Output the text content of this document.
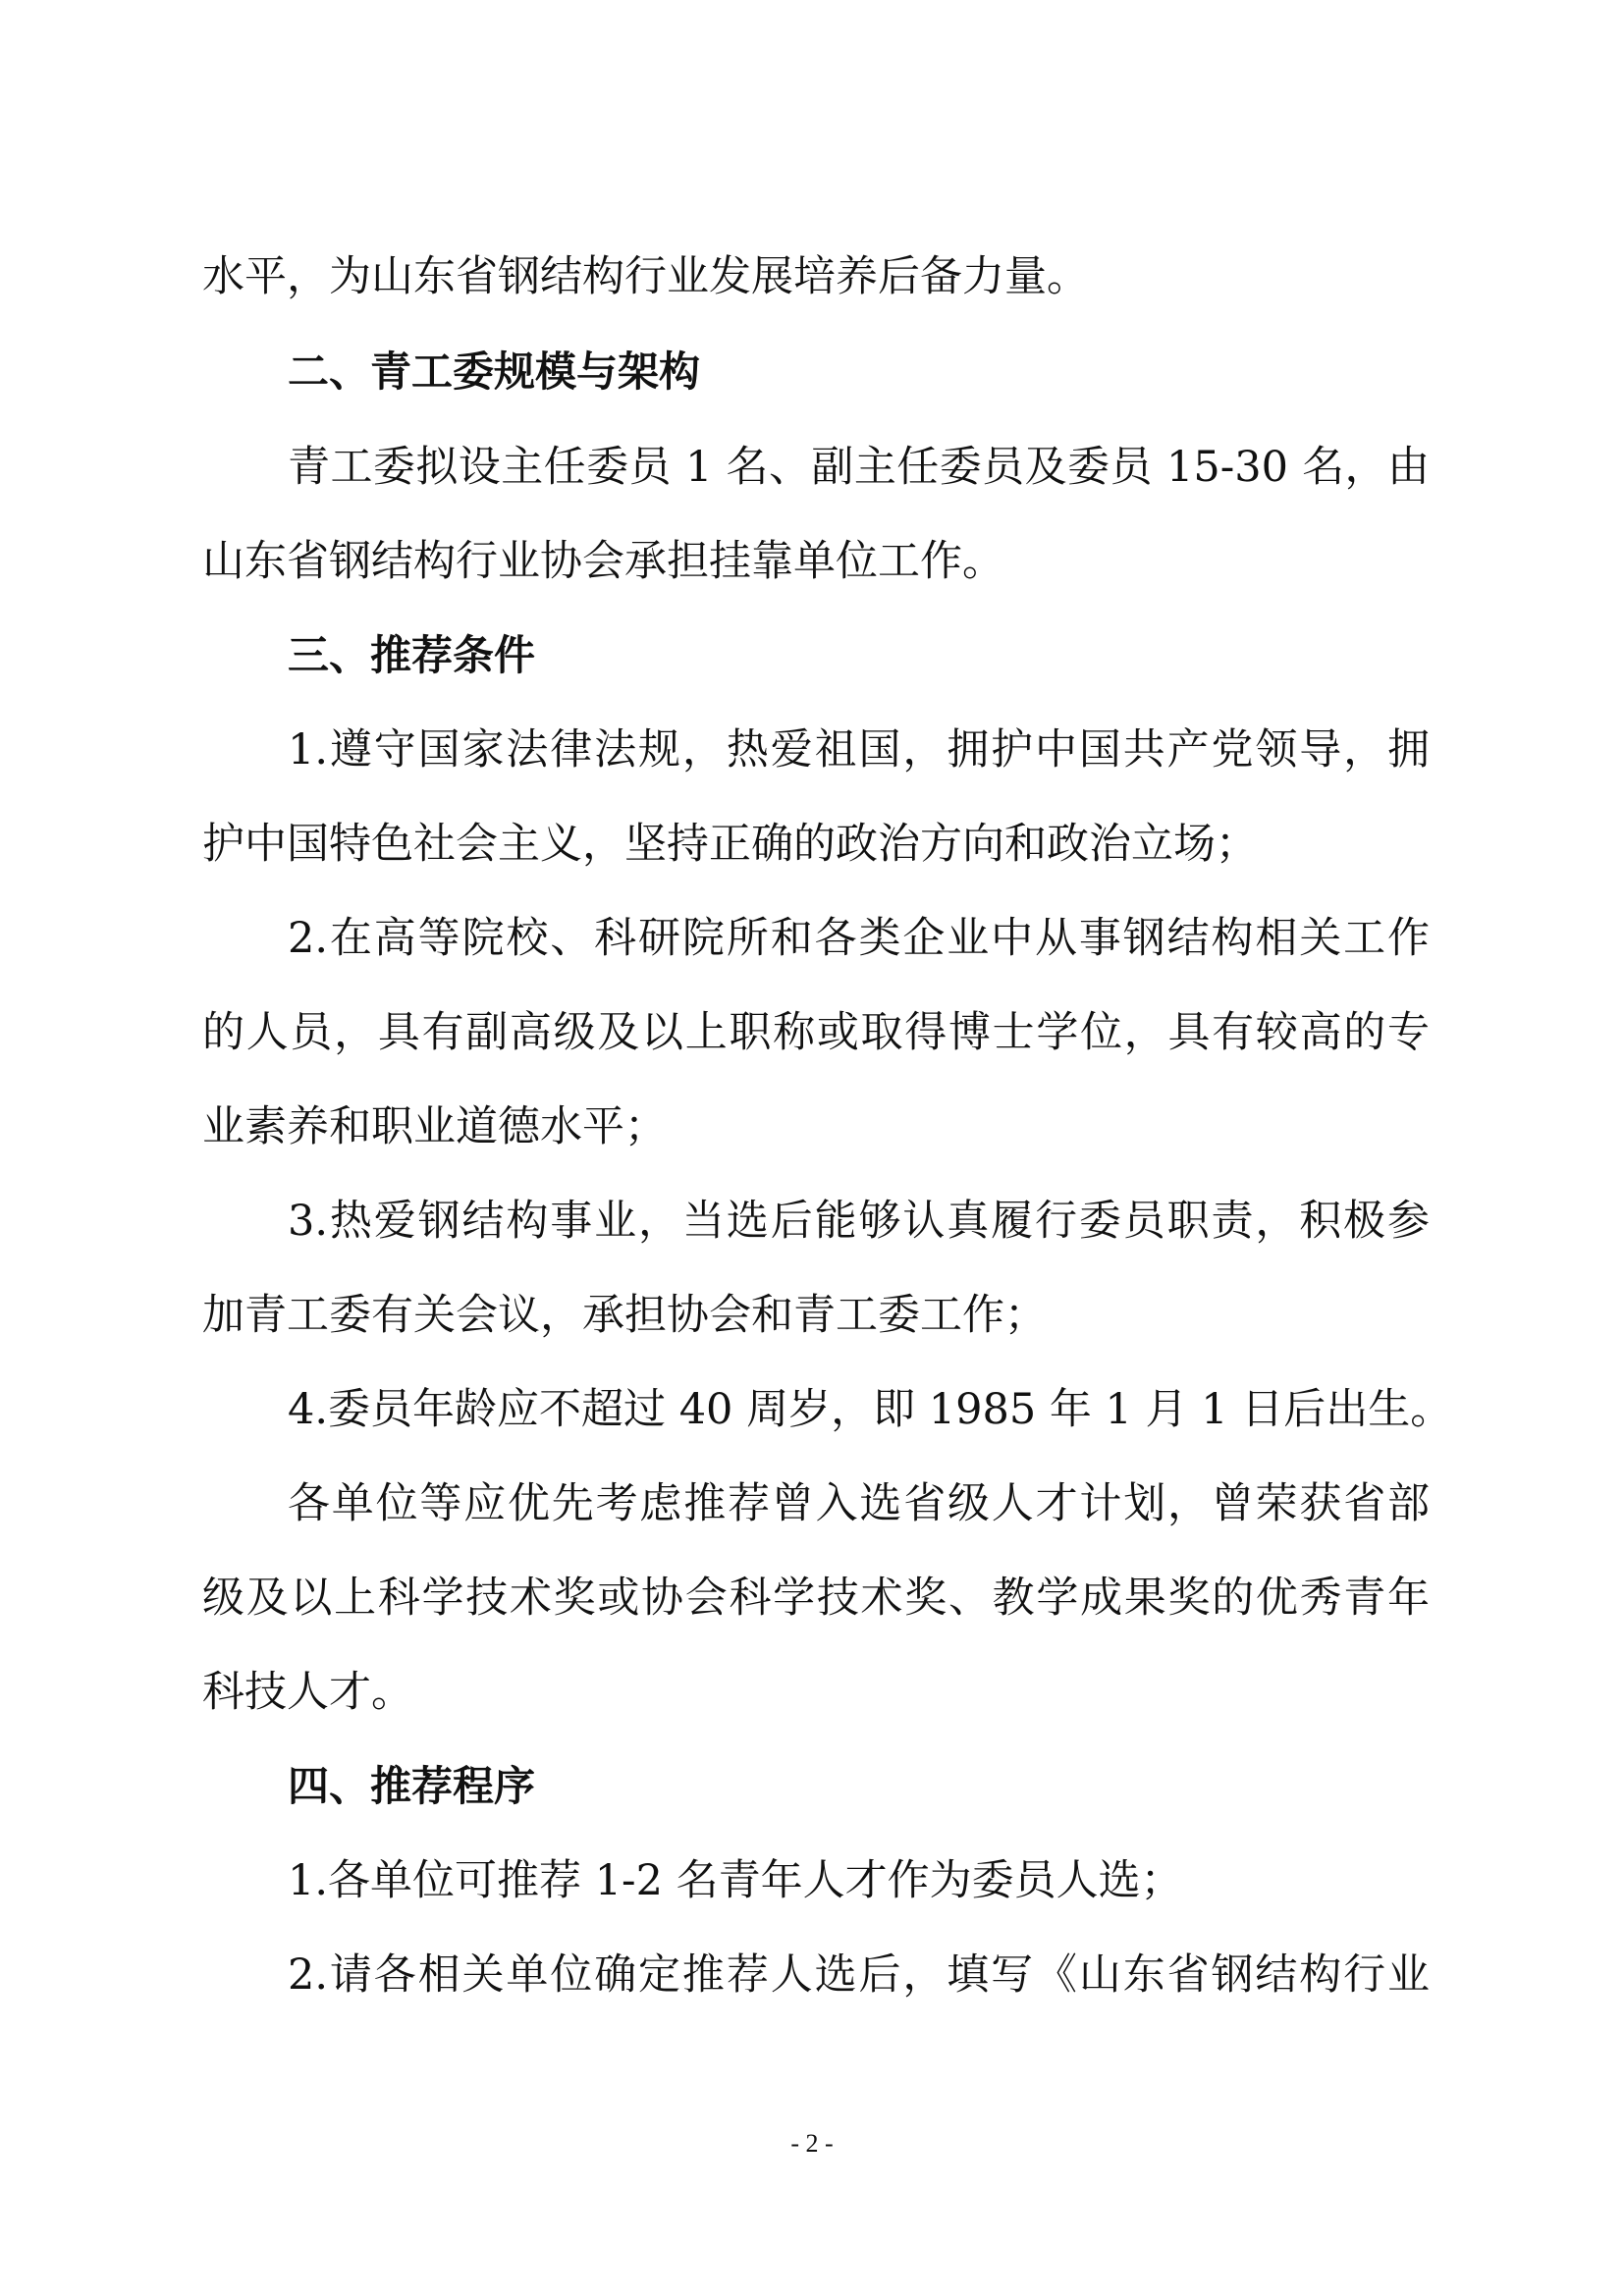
水平，为山东省钢结构行业发展培养后备力量。
二、青工委规模与架构
青工委拟设主任委员 1 名、副主任委员及委员 15-30 名，由
山东省钢结构行业协会承担挂靠单位工作。
三、推荐条件
1.遵守国家法律法规，热爱祖国，拥护中国共产党领导，拥
护中国特色社会主义，坚持正确的政治方向和政治立场；
2.在高等院校、科研院所和各类企业中从事钢结构相关工作
的人员，具有副高级及以上职称或取得博士学位，具有较高的专
业素养和职业道德水平；
3.热爱钢结构事业，当选后能够认真履行委员职责，积极参
加青工委有关会议，承担协会和青工委工作；
4.委员年龄应不超过 40 周岁，即 1985 年 1 月 1 日后出生。
各单位等应优先考虑推荐曾入选省级人才计划，曾荣获省部
级及以上科学技术奖或协会科学技术奖、教学成果奖的优秀青年
科技人才。
四、推荐程序
1.各单位可推荐 1-2 名青年人才作为委员人选；
2.请各相关单位确定推荐人选后，填写《山东省钢结构行业
- 2 -
